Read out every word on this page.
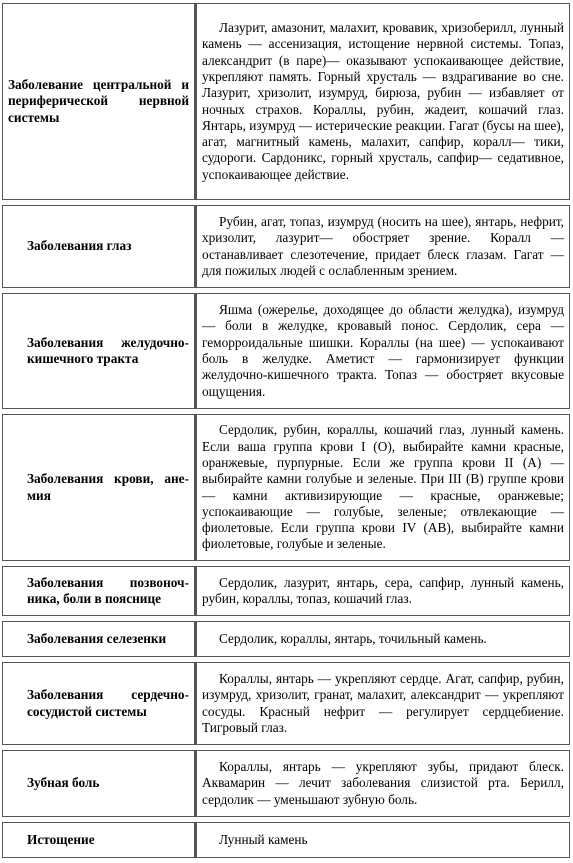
Заболевание центральной и периферической нервной системы	Лазурит, амазонит, малахит, кровавик, хризоберилл, лунный камень — ассенизация, истощение нервной системы. Топаз, александрит (в паре)— оказывают успокаивающее действие, укрепляют память. Горный хрусталь — вздрагивание во сне. Лазурит, хризолит, изумруд, бирюза, рубин — избавляет от ночных страхов. Кораллы, рубин, жадеит, кошачий глаз. Янтарь, изумруд — истерические реакции. Гагат (бусы на шее), агат, магнитный камень, малахит, сапфир, коралл— тики, судороги. Сардоникс, горный хрусталь, сапфир— седативное, успокаивающее действие.

Заболевания глаз	Рубин, агат, топаз, изумруд (носить на шее), янтарь, нефрит, хризолит, лазурит— обостряет зрение. Коралл — останавливает слезотечение, придает блеск глазам. Гагат — для пожилых людей с ослабленным зрением.

Заболевания желудочно-кишечного тракта	Яшма (ожерелье, доходящее до области желудка), изумруд — боли в желудке, кровавый понос. Сердолик, сера — геморроидальные шишки. Кораллы (на шее) — успокаивают боль в желудке. Аметист — гармонизирует функции желудочно-кишечного тракта. Топаз — обостряет вкусовые ощущения.

Заболевания крови, анемия	Сердолик, рубин, кораллы, кошачий глаз, лунный камень. Если ваша группа крови I (О), выбирайте камни красные, оранжевые, пурпурные. Если же группа крови II (А) — выбирайте камни голубые и зеленые. При III (В) группе крови — камни активизирующие — красные, оранжевые; успокаивающие — голубые, зеленые; отвлекающие — фиолетовые. Если группа крови IV (АВ), выбирайте камни фиолетовые, голубые и зеленые.

Заболевания позвоночника, боли в пояснице	Сердолик, лазурит, янтарь, сера, сапфир, лунный камень, рубин, кораллы, топаз, кошачий глаз.

Заболевания селезенки	Сердолик, кораллы, янтарь, точильный камень.

Заболевания сердечнососудистой системы	Кораллы, янтарь — укрепляют сердце. Агат, сапфир, рубин, изумруд, хризолит, гранат, малахит, александрит — укрепляют сосуды. Красный нефрит — регулирует сердцебиение. Тигровый глаз.

Зубная боль	Кораллы, янтарь — укрепляют зубы, придают блеск. Аквамарин — лечит заболевания слизистой рта. Берилл, сердолик — уменьшают зубную боль.

Истощение	Лунный камень
